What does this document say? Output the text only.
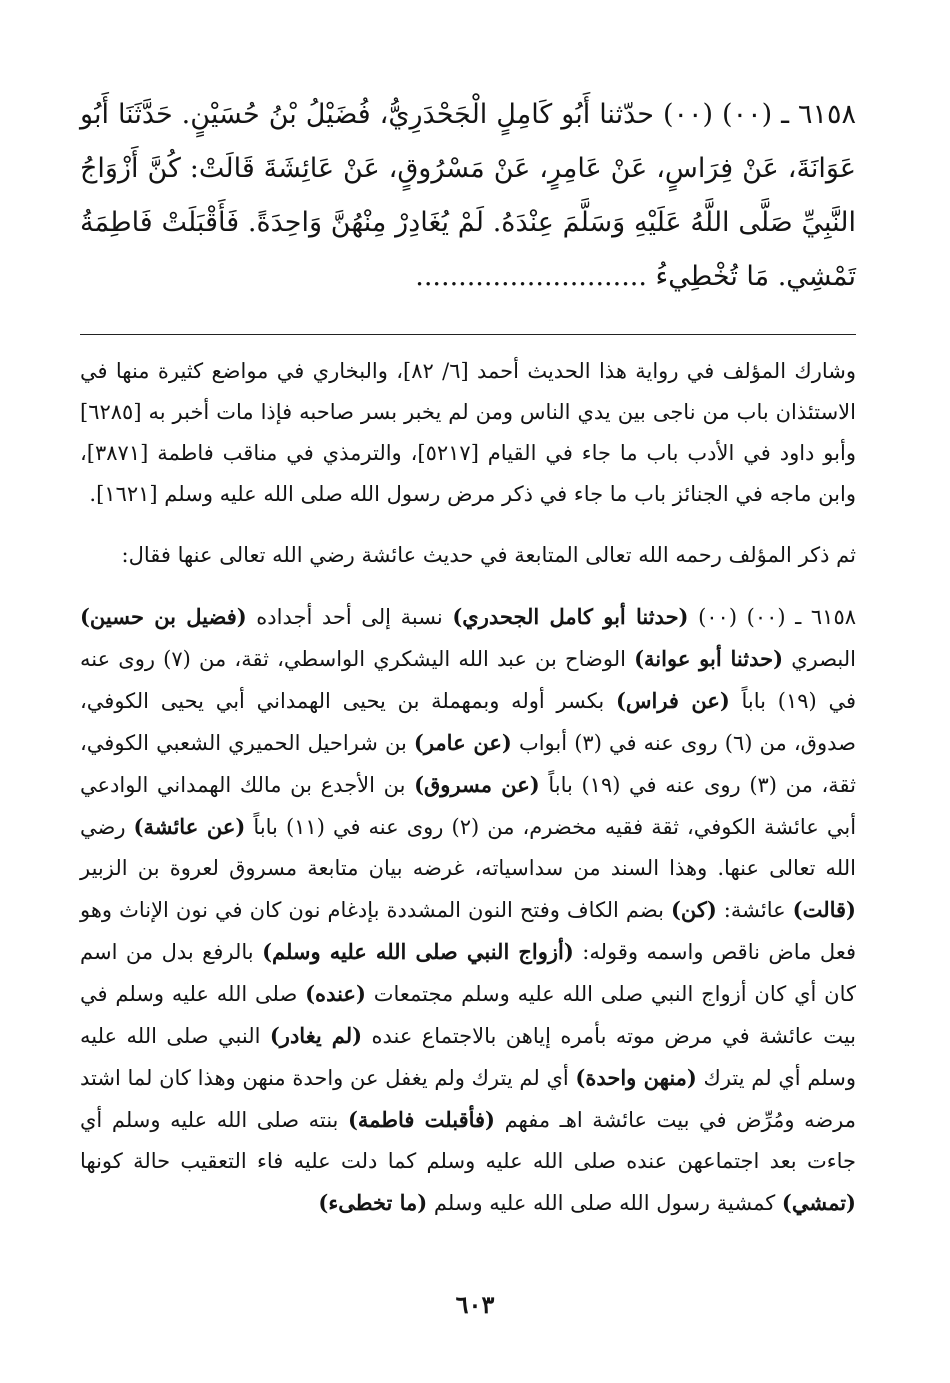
٦١٥٨ ـ (٠٠) (٠٠) حدّثنا أَبُو كَامِلٍ الْجَحْدَرِيُّ، فُضَيْلُ بْنُ حُسَيْنٍ. حَدَّثَنَا أَبُو عَوَانَةَ، عَنْ فِرَاسٍ، عَنْ عَامِرٍ، عَنْ مَسْرُوقٍ، عَنْ عَائِشَةَ قَالَتْ: كُنَّ أَزْوَاجُ النَّبِيِّ صَلَّى اللَّهُ عَلَيْهِ وَسَلَّمَ عِنْدَهُ. لَمْ يُغَادِرْ مِنْهُنَّ وَاحِدَةً. فَأَقْبَلَتْ فَاطِمَةُ تَمْشِي. مَا تُخْطِيءُ ...........................

وشارك المؤلف في رواية هذا الحديث أحمد [٦/ ٨٢]، والبخاري في مواضع كثيرة منها في الاستئذان باب من ناجى بين يدي الناس ومن لم يخبر بسر صاحبه فإذا مات أخبر به [٦٢٨٥] وأبو داود في الأدب باب ما جاء في القيام [٥٢١٧]، والترمذي في مناقب فاطمة [٣٨٧١]، وابن ماجه في الجنائز باب ما جاء في ذكر مرض رسول الله صلى الله عليه وسلم [١٦٢١].

ثم ذكر المؤلف رحمه الله تعالى المتابعة في حديث عائشة رضي الله تعالى عنها فقال:

٦١٥٨ ـ (٠٠) (٠٠) (حدثنا أبو كامل الجحدري) نسبة إلى أحد أجداده (فضيل بن حسين) البصري (حدثنا أبو عوانة) الوضاح بن عبد الله اليشكري الواسطي، ثقة، من (٧) روى عنه في (١٩) باباً (عن فراس) بكسر أوله وبمهملة بن يحيى الهمداني أبي يحيى الكوفي، صدوق، من (٦) روى عنه في (٣) أبواب (عن عامر) بن شراحيل الحميري الشعبي الكوفي، ثقة، من (٣) روى عنه في (١٩) باباً (عن مسروق) بن الأجدع بن مالك الهمداني الوادعي أبي عائشة الكوفي، ثقة فقيه مخضرم، من (٢) روى عنه في (١١) باباً (عن عائشة) رضي الله تعالى عنها. وهذا السند من سداسياته، غرضه بيان متابعة مسروق لعروة بن الزبير (قالت) عائشة: (كن) بضم الكاف وفتح النون المشددة بإدغام نون كان في نون الإناث وهو فعل ماض ناقص واسمه وقوله: (أزواج النبي صلى الله عليه وسلم) بالرفع بدل من اسم كان أي كان أزواج النبي صلى الله عليه وسلم مجتمعات (عنده) صلى الله عليه وسلم في بيت عائشة في مرض موته بأمره إياهن بالاجتماع عنده (لم يغادر) النبي صلى الله عليه وسلم أي لم يترك (منهن واحدة) أي لم يترك ولم يغفل عن واحدة منهن وهذا كان لما اشتد مرضه ومُرِّض في بيت عائشة اهـ مفهم (فأقبلت فاطمة) بنته صلى الله عليه وسلم أي جاءت بعد اجتماعهن عنده صلى الله عليه وسلم كما دلت عليه فاء التعقيب حالة كونها (تمشي) كمشية رسول الله صلى الله عليه وسلم (ما تخطىء)

٦٠٣
